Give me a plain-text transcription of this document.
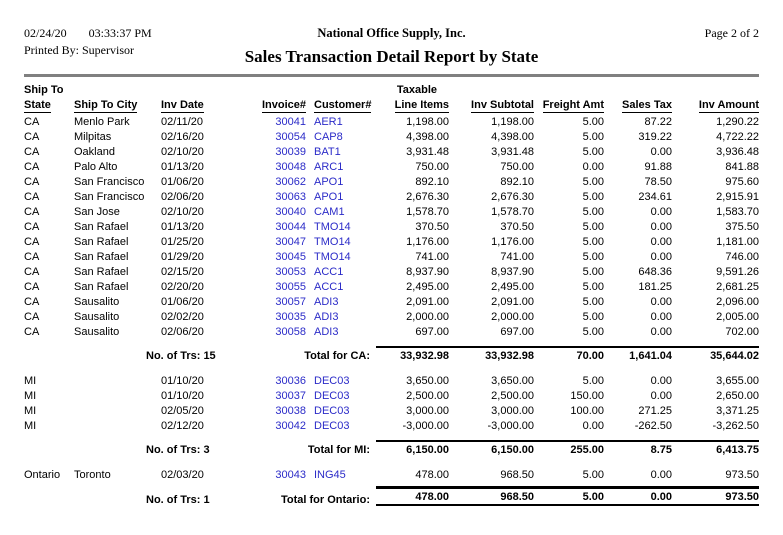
02/24/20 03:33:37 PM	National Office Supply, Inc.	Page 2 of 2
Printed By: Supervisor	Sales Transaction Detail Report by State
Ship To					Taxable				
State	Ship To City	Inv Date	Invoice#	Customer#	Line Items	Inv Subtotal	Freight Amt	Sales Tax	Inv Amount
CA	Menlo Park	02/11/20	30041	AER1	1,198.00	1,198.00	5.00	87.22	1,290.22
CA	Milpitas	02/16/20	30054	CAP8	4,398.00	4,398.00	5.00	319.22	4,722.22
CA	Oakland	02/10/20	30039	BAT1	3,931.48	3,931.48	5.00	0.00	3,936.48
CA	Palo Alto	01/13/20	30048	ARC1	750.00	750.00	0.00	91.88	841.88
CA	San Francisco	01/06/20	30062	APO1	892.10	892.10	5.00	78.50	975.60
CA	San Francisco	02/06/20	30063	APO1	2,676.30	2,676.30	5.00	234.61	2,915.91
CA	San Jose	02/10/20	30040	CAM1	1,578.70	1,578.70	5.00	0.00	1,583.70
CA	San Rafael	01/13/20	30044	TMO14	370.50	370.50	5.00	0.00	375.50
CA	San Rafael	01/25/20	30047	TMO14	1,176.00	1,176.00	5.00	0.00	1,181.00
CA	San Rafael	01/29/20	30045	TMO14	741.00	741.00	5.00	0.00	746.00
CA	San Rafael	02/15/20	30053	ACC1	8,937.90	8,937.90	5.00	648.36	9,591.26
CA	San Rafael	02/20/20	30055	ACC1	2,495.00	2,495.00	5.00	181.25	2,681.25
CA	Sausalito	01/06/20	30057	ADI3	2,091.00	2,091.00	5.00	0.00	2,096.00
CA	Sausalito	02/02/20	30035	ADI3	2,000.00	2,000.00	5.00	0.00	2,005.00
CA	Sausalito	02/06/20	30058	ADI3	697.00	697.00	5.00	0.00	702.00

	No. of Trs: 15		Total for CA:		33,932.98	33,932.98	70.00	1,641.04	35,644.02

MI		01/10/20	30036	DEC03	3,650.00	3,650.00	5.00	0.00	3,655.00
MI		01/10/20	30037	DEC03	2,500.00	2,500.00	150.00	0.00	2,650.00
MI		02/05/20	30038	DEC03	3,000.00	3,000.00	100.00	271.25	3,371.25
MI		02/12/20	30042	DEC03	-3,000.00	-3,000.00	0.00	-262.50	-3,262.50

	No. of Trs: 3		Total for MI:		6,150.00	6,150.00	255.00	8.75	6,413.75

Ontario	Toronto	02/03/20	30043	ING45	478.00	968.50	5.00	0.00	973.50

	No. of Trs: 1		Total for Ontario:		478.00	968.50	5.00	0.00	973.50
